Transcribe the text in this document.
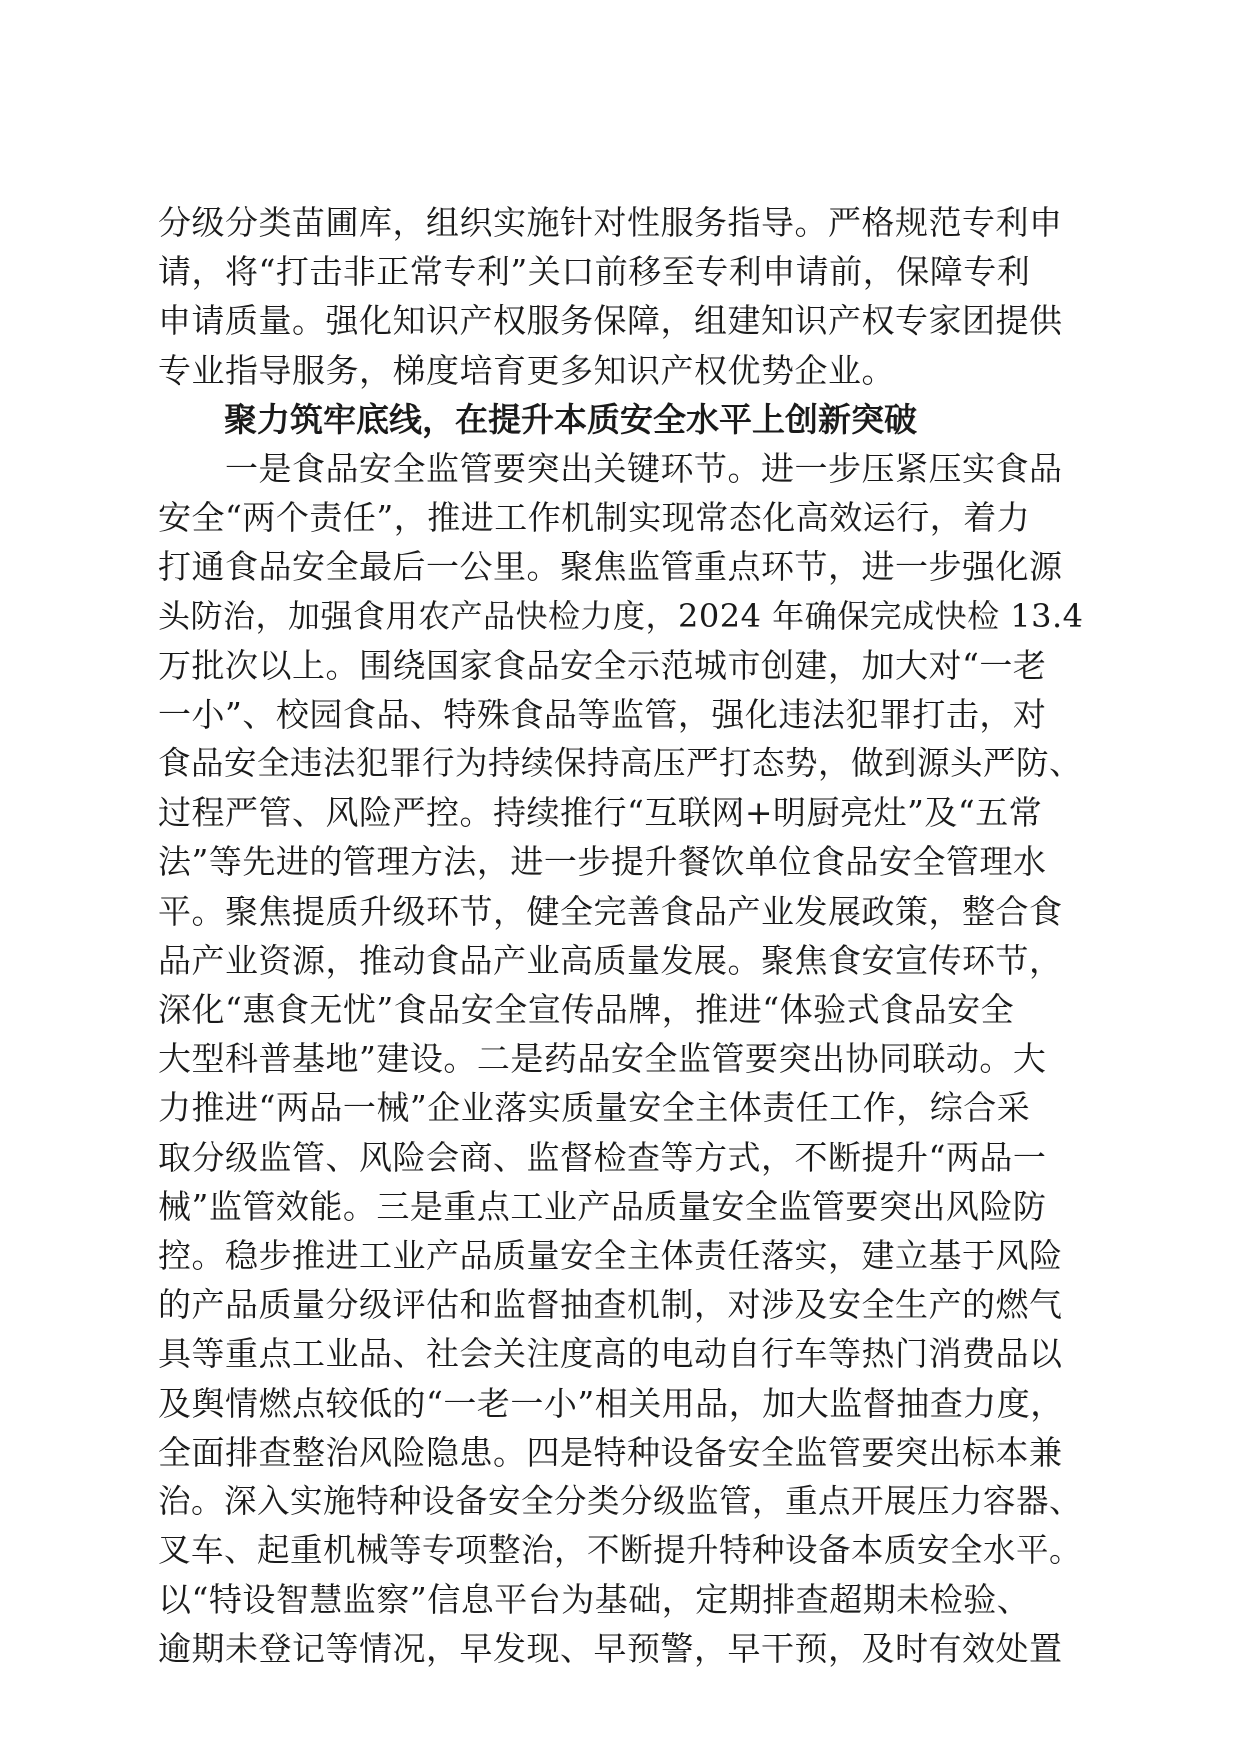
分级分类苗圃库，组织实施针对性服务指导。严格规范专利申
请，将“打击非正常专利”关口前移至专利申请前，保障专利
申请质量。强化知识产权服务保障，组建知识产权专家团提供
专业指导服务，梯度培育更多知识产权优势企业。
　　聚力筑牢底线，在提升本质安全水平上创新突破
　　一是食品安全监管要突出关键环节。进一步压紧压实食品
安全“两个责任”，推进工作机制实现常态化高效运行，着力
打通食品安全最后一公里。聚焦监管重点环节，进一步强化源
头防治，加强食用农产品快检力度，2024 年确保完成快检 13.4
万批次以上。围绕国家食品安全示范城市创建，加大对“一老
一小”、校园食品、特殊食品等监管，强化违法犯罪打击，对
食品安全违法犯罪行为持续保持高压严打态势，做到源头严防、
过程严管、风险严控。持续推行“互联网+明厨亮灶”及“五常
法”等先进的管理方法，进一步提升餐饮单位食品安全管理水
平。聚焦提质升级环节，健全完善食品产业发展政策，整合食
品产业资源，推动食品产业高质量发展。聚焦食安宣传环节，
深化“惠食无忧”食品安全宣传品牌，推进“体验式食品安全
大型科普基地”建设。二是药品安全监管要突出协同联动。大
力推进“两品一械”企业落实质量安全主体责任工作，综合采
取分级监管、风险会商、监督检查等方式，不断提升“两品一
械”监管效能。三是重点工业产品质量安全监管要突出风险防
控。稳步推进工业产品质量安全主体责任落实，建立基于风险
的产品质量分级评估和监督抽查机制，对涉及安全生产的燃气
具等重点工业品、社会关注度高的电动自行车等热门消费品以
及舆情燃点较低的“一老一小”相关用品，加大监督抽查力度，
全面排查整治风险隐患。四是特种设备安全监管要突出标本兼
治。深入实施特种设备安全分类分级监管，重点开展压力容器、
叉车、起重机械等专项整治，不断提升特种设备本质安全水平。
以“特设智慧监察”信息平台为基础，定期排查超期未检验、
逾期未登记等情况，早发现、早预警，早干预，及时有效处置
